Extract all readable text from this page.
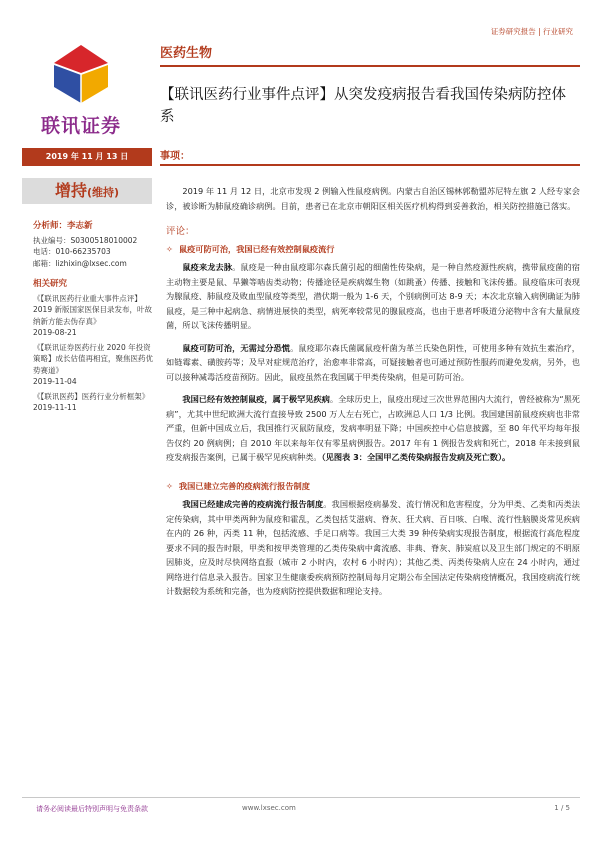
证券研究报告 | 行业研究
联讯证券
医药生物
【联讯医药行业事件点评】从突发疫病报告看我国传染病防控体系
2019 年 11 月 13 日	事项：
增持(维持)
分析师：李志新
执业编号：S0300518010002
电话：010-66235703
邮箱：lizhixin@lxsec.com
相关研究
《【联讯医药行业重大事件点评】2019 新版国家医保目录发布，叶故纳新方能去伪存真》
2019-08-21
《【联讯证券医药行业 2020 年投资策略】成长估值再相宜，聚焦医药优势赛道》
2019-11-04
《【联讯医药】医药行业分析框架》
2019-11-11

2019 年 11 月 12 日，北京市发现 2 例输入性鼠疫病例。内蒙古自治区锡林郭勒盟苏尼特左旗 2 人经专家会诊，被诊断为肺鼠疫确诊病例。目前，患者已在北京市朝阳区相关医疗机构得到妥善救治，相关防控措施已落实。

评论：
✧ 鼠疫可防可治，我国已经有效控制鼠疫流行

鼠疫来龙去脉。鼠疫是一种由鼠疫耶尔森氏菌引起的细菌性传染病，是一种自然疫源性疾病，携带鼠疫菌的宿主动物主要是鼠、旱獭等啮齿类动物；传播途径是疾病媒生物（如跳蚤）传播、接触和飞沫传播。鼠疫临床可表现为腺鼠疫、肺鼠疫及败血型鼠疫等类型，潜伏期一般为 1-6 天，个别病例可达 8-9 天；本次北京输入病例确证为肺鼠疫，是三种中起病急、病情进展快的类型，病死率较常见的腺鼠疫高，也由于患者呼吸道分泌物中含有大量鼠疫菌，所以飞沫传播明显。

鼠疫可防可治，无需过分恐慌。鼠疫耶尔森氏菌属鼠疫杆菌为革兰氏染色阴性，可使用多种有效抗生素治疗，如链霉素、磺胺药等；及早对症规范治疗，治愈率非常高，可疑接触者也可通过预防性服药而避免发病，另外，也可以接种减毒活疫苗预防。因此，鼠疫虽然在我国属于甲类传染病，但是可防可治。

我国已经有效控制鼠疫，属于极罕见疾病。全球历史上，鼠疫出现过三次世界范围内大流行，曾经被称为“黑死病”，尤其中世纪欧洲大流行直接导致 2500 万人左右死亡，占欧洲总人口 1/3 比例。我国建国前鼠疫疾病也非常严重，但新中国成立后，我国推行灭鼠防鼠疫，发病率明显下降；中国疾控中心信息披露，至 80 年代平均每年报告仅约 20 例病例；自 2010 年以来每年仅有零星病例报告。2017 年有 1 例报告发病和死亡，2018 年未接到鼠疫发病报告案例，已属于极罕见疾病种类。（见图表 3：全国甲乙类传染病报告发病及死亡数）。

✧ 我国已建立完善的疫病流行报告制度

我国已经建成完善的疫病流行报告制度。我国根据疫病暴发、流行情况和危害程度，分为甲类、乙类和丙类法定传染病，其中甲类两种为鼠疫和霍乱，乙类包括艾滋病、脊灰、狂犬病、百日咳、白喉、流行性脑膜炎常见疾病在内的 26 种，丙类 11 种，包括流感、手足口病等。我国三大类 39 种传染病实现报告制度，根据流行高危程度要求不同的报告时限，甲类和按甲类管理的乙类传染病中禽流感、非典、脊灰、肺炭疽以及卫生部门规定的不明原因肺炎，应及时尽快网络直报（城市 2 小时内，农村 6 小时内）；其他乙类、丙类传染病人应在 24 小时内，通过网络进行信息录入报告。国家卫生健康委疾病预防控制局每月定期公布全国法定传染病疫情概况，我国疫病流行统计数据较为系统和完备，也为疫病防控提供数据和理论支持。

请务必阅读最后特别声明与免责条款	www.lxsec.com	1 / 5
